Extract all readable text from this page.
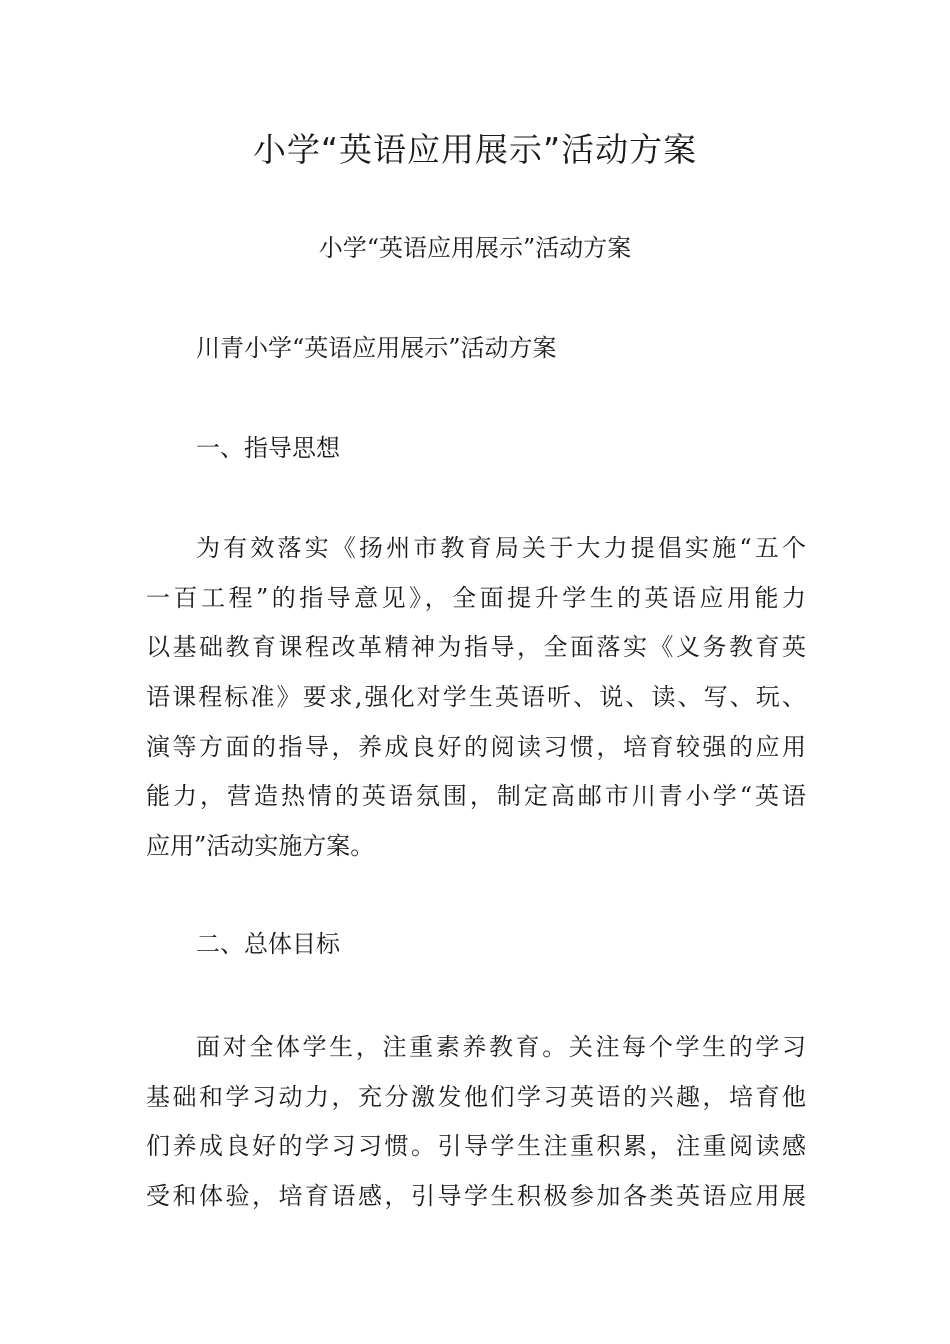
小学“英语应用展示”活动方案

小学“英语应用展示”活动方案

川青小学“英语应用展示”活动方案

一、指导思想

为有效落实《扬州市教育局关于大力提倡实施“五个
一百工程”的指导意见》，全面提升学生的英语应用能力
以基础教育课程改革精神为指导，全面落实《义务教育英
语课程标准》要求,强化对学生英语听、说、读、写、玩、
演等方面的指导，养成良好的阅读习惯，培育较强的应用
能力，营造热情的英语氛围，制定高邮市川青小学“英语
应用”活动实施方案。

二、总体目标

面对全体学生，注重素养教育。关注每个学生的学习
基础和学习动力，充分激发他们学习英语的兴趣，培育他
们养成良好的学习习惯。引导学生注重积累，注重阅读感
受和体验，培育语感，引导学生积极参加各类英语应用展
